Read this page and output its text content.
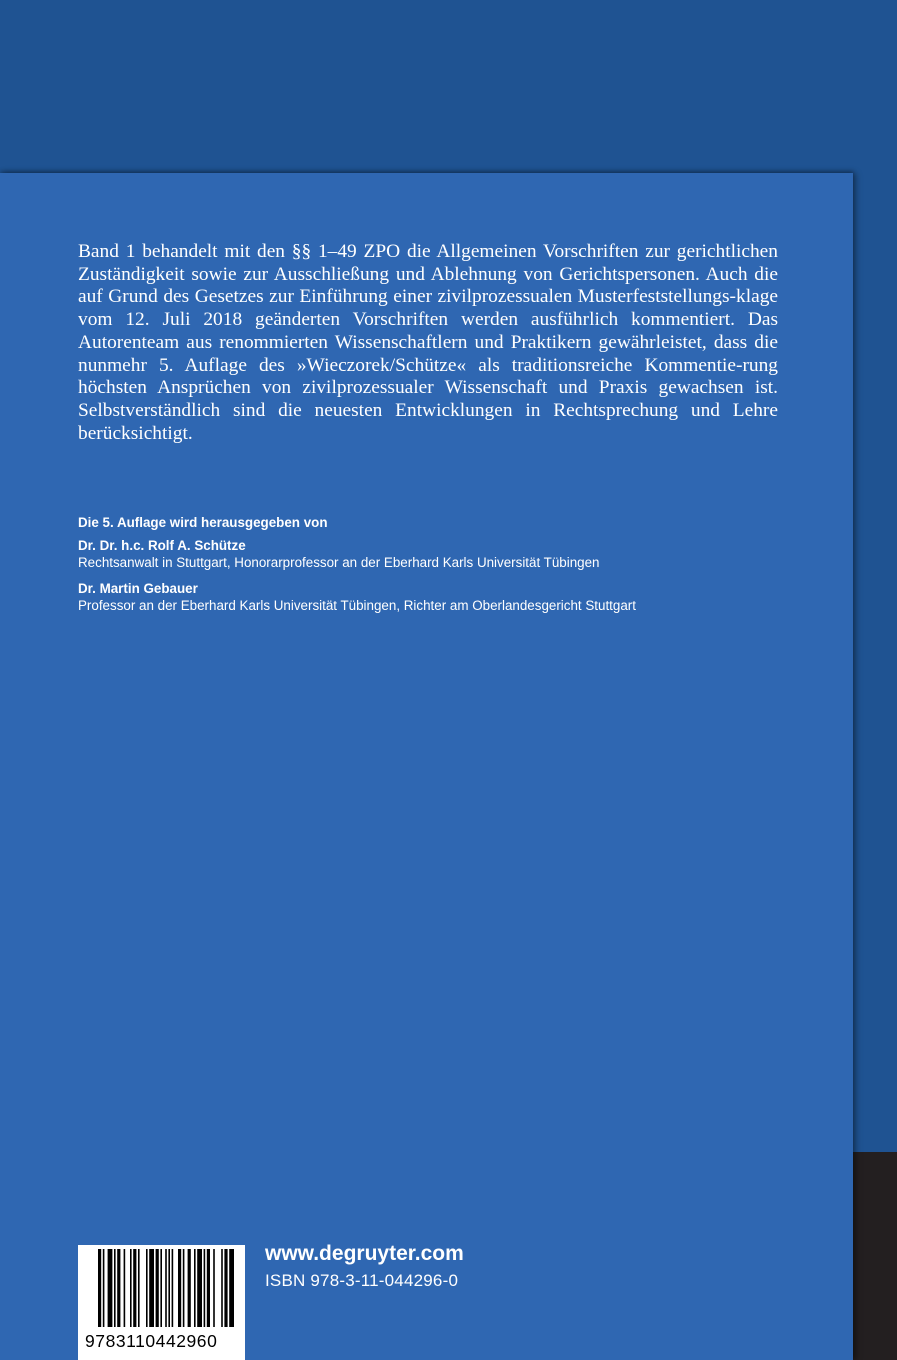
Band 1 behandelt mit den §§ 1–49 ZPO die Allgemeinen Vorschriften zur gerichtlichen Zuständigkeit sowie zur Ausschließung und Ablehnung von Gerichtspersonen. Auch die auf Grund des Gesetzes zur Einführung einer zivilprozessualen Musterfeststellungs-klage vom 12. Juli 2018 geänderten Vorschriften werden ausführlich kommentiert. Das Autorenteam aus renommierten Wissenschaftlern und Praktikern gewährleistet, dass die nunmehr 5. Auflage des »Wieczorek/Schütze« als traditionsreiche Kommentie-rung höchsten Ansprüchen von zivilprozessualer Wissenschaft und Praxis gewachsen ist. Selbstverständlich sind die neuesten Entwicklungen in Rechtsprechung und Lehre berücksichtigt.

Die 5. Auflage wird herausgegeben von

Dr. Dr. h.c. Rolf A. Schütze

Rechtsanwalt in Stuttgart, Honorarprofessor an der Eberhard Karls Universität Tübingen

Dr. Martin Gebauer

Professor an der Eberhard Karls Universität Tübingen, Richter am Oberlandesgericht Stuttgart

9783110442960

www.degruyter.com

ISBN 978-3-11-044296-0
